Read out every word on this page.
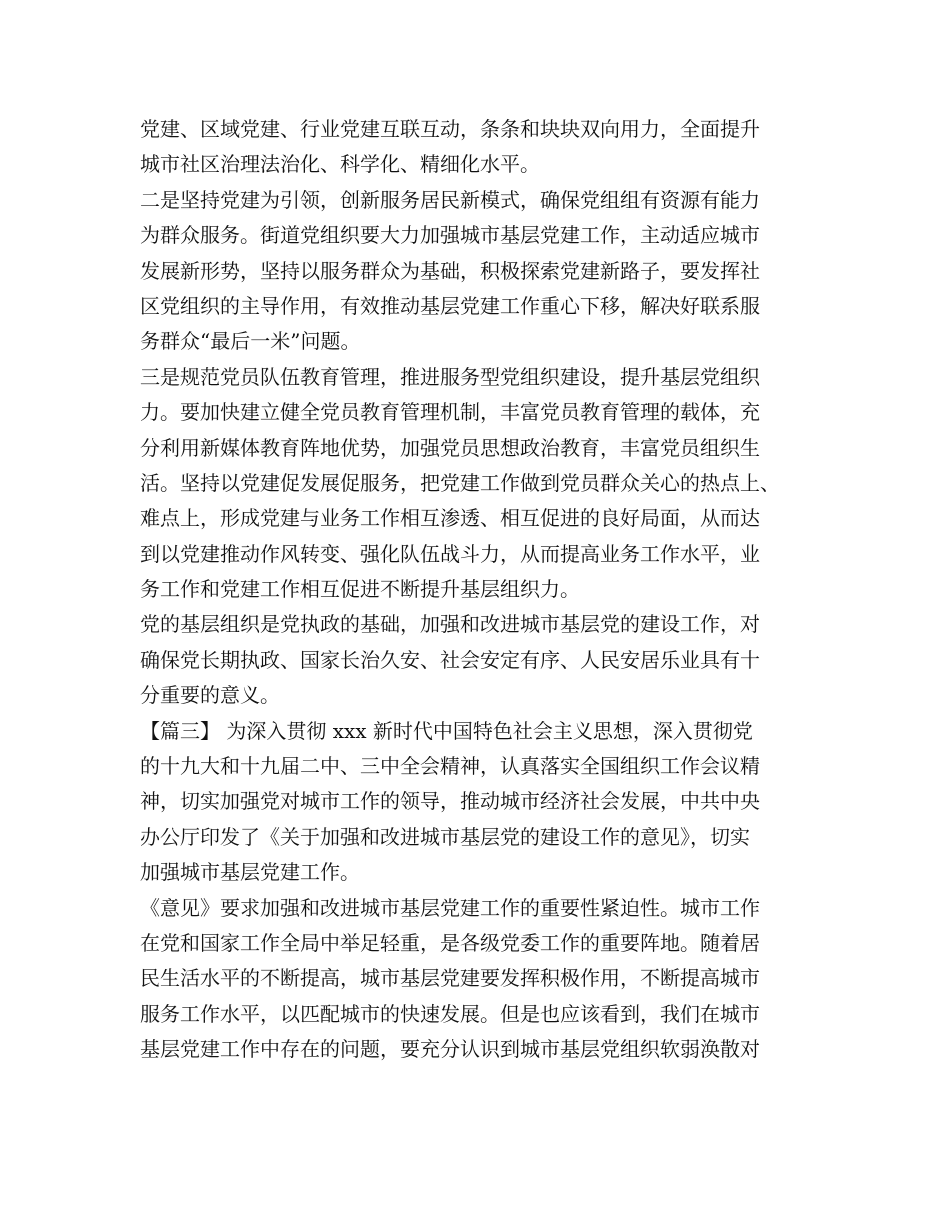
党建、区域党建、行业党建互联互动，条条和块块双向用力，全面提升
城市社区治理法治化、科学化、精细化水平。
二是坚持党建为引领，创新服务居民新模式，确保党组组有资源有能力
为群众服务。街道党组织要大力加强城市基层党建工作，主动适应城市
发展新形势，坚持以服务群众为基础，积极探索党建新路子，要发挥社
区党组织的主导作用，有效推动基层党建工作重心下移，解决好联系服
务群众“最后一米”问题。
三是规范党员队伍教育管理，推进服务型党组织建设，提升基层党组织
力。要加快建立健全党员教育管理机制，丰富党员教育管理的载体，充
分利用新媒体教育阵地优势，加强党员思想政治教育，丰富党员组织生
活。坚持以党建促发展促服务，把党建工作做到党员群众关心的热点上、
难点上，形成党建与业务工作相互渗透、相互促进的良好局面，从而达
到以党建推动作风转变、强化队伍战斗力，从而提高业务工作水平，业
务工作和党建工作相互促进不断提升基层组织力。
党的基层组织是党执政的基础，加强和改进城市基层党的建设工作，对
确保党长期执政、国家长治久安、社会安定有序、人民安居乐业具有十
分重要的意义。
【篇三】 为深入贯彻 xxx 新时代中国特色社会主义思想，深入贯彻党
的十九大和十九届二中、三中全会精神，认真落实全国组织工作会议精
神，切实加强党对城市工作的领导，推动城市经济社会发展，中共中央
办公厅印发了《关于加强和改进城市基层党的建设工作的意见》，切实
加强城市基层党建工作。
《意见》要求加强和改进城市基层党建工作的重要性紧迫性。城市工作
在党和国家工作全局中举足轻重，是各级党委工作的重要阵地。随着居
民生活水平的不断提高，城市基层党建要发挥积极作用，不断提高城市
服务工作水平，以匹配城市的快速发展。但是也应该看到，我们在城市
基层党建工作中存在的问题，要充分认识到城市基层党组织软弱涣散对
